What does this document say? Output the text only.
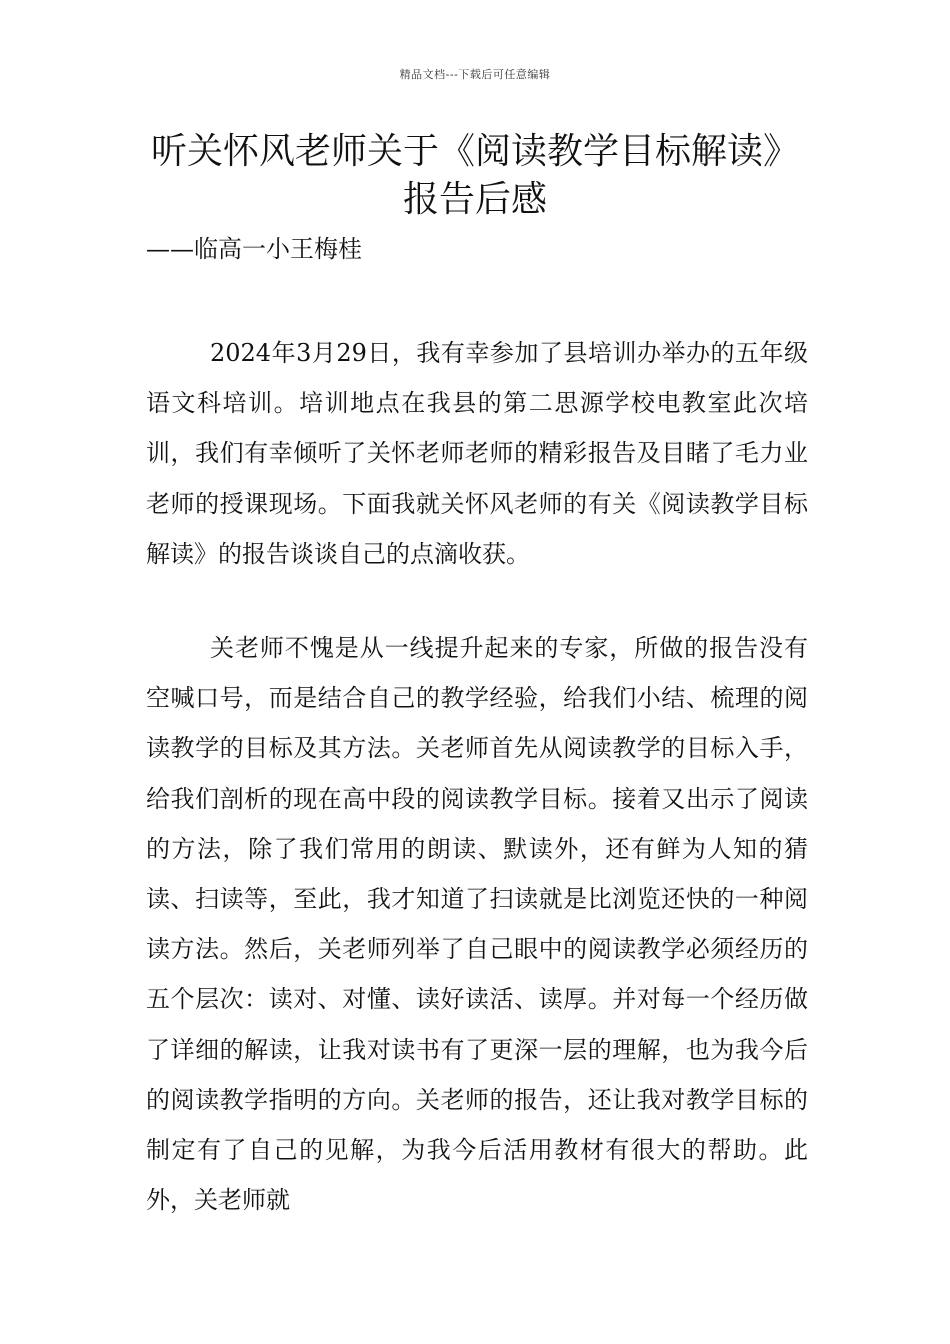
精品文档---下载后可任意编辑
听关怀风老师关于《阅读教学目标解读》报告后感
——临高一小王梅桂

2024年3月29日，我有幸参加了县培训办举办的五年级语文科培训。培训地点在我县的第二思源学校电教室此次培训，我们有幸倾听了关怀老师老师的精彩报告及目睹了毛力业老师的授课现场。下面我就关怀风老师的有关《阅读教学目标解读》的报告谈谈自己的点滴收获。

关老师不愧是从一线提升起来的专家，所做的报告没有空喊口号，而是结合自己的教学经验，给我们小结、梳理的阅读教学的目标及其方法。关老师首先从阅读教学的目标入手，给我们剖析的现在高中段的阅读教学目标。接着又出示了阅读的方法，除了我们常用的朗读、默读外，还有鲜为人知的猜读、扫读等，至此，我才知道了扫读就是比浏览还快的一种阅读方法。然后，关老师列举了自己眼中的阅读教学必须经历的五个层次：读对、对懂、读好读活、读厚。并对每一个经历做了详细的解读，让我对读书有了更深一层的理解，也为我今后的阅读教学指明的方向。关老师的报告，还让我对教学目标的制定有了自己的见解，为我今后活用教材有很大的帮助。此外，关老师就
